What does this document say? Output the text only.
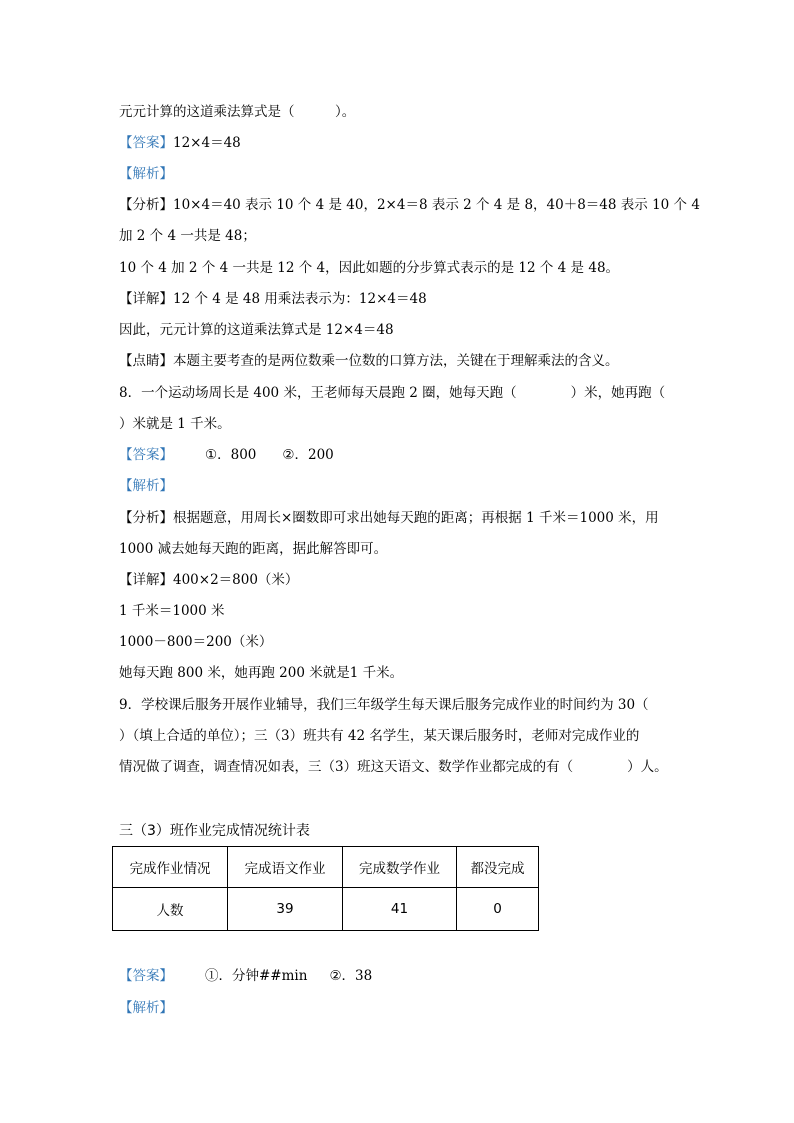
元元计算的这道乘法算式是（　　　）。
【答案】12×4＝48
【解析】
【分析】10×4＝40 表示 10 个 4 是 40，2×4＝8 表示 2 个 4 是 8，40＋8＝48 表示 10 个 4
加 2 个 4 一共是 48；
10 个 4 加 2 个 4 一共是 12 个 4，因此如题的分步算式表示的是 12 个 4 是 48。
【详解】12 个 4 是 48 用乘法表示为：12×4＝48
因此，元元计算的这道乘法算式是 12×4＝48
【点睛】本题主要考查的是两位数乘一位数的口算方法，关键在于理解乘法的含义。
8．一个运动场周长是 400 米，王老师每天晨跑 2 圈，她每天跑（　　　　）米，她再跑（
）米就是 1 千米。
【答案】 ①．800 ②．200
【解析】
【分析】根据题意，用周长×圈数即可求出她每天跑的距离；再根据 1 千米＝1000 米，用
1000 减去她每天跑的距离，据此解答即可。
【详解】400×2＝800（米）
1 千米＝1000 米
1000－800＝200（米）
她每天跑 800 米，她再跑 200 米就是1 千米。
9．学校课后服务开展作业辅导，我们三年级学生每天课后服务完成作业的时间约为 30（
）（填上合适的单位）；三（3）班共有 42 名学生，某天课后服务时，老师对完成作业的
情况做了调查，调查情况如表，三（3）班这天语文、数学作业都完成的有（　　　　）人。
三（3）班作业完成情况统计表
完成作业情况	完成语文作业	完成数学作业	都没完成
人数	39	41	0
【答案】 ①．分钟##min ②．38
【解析】
